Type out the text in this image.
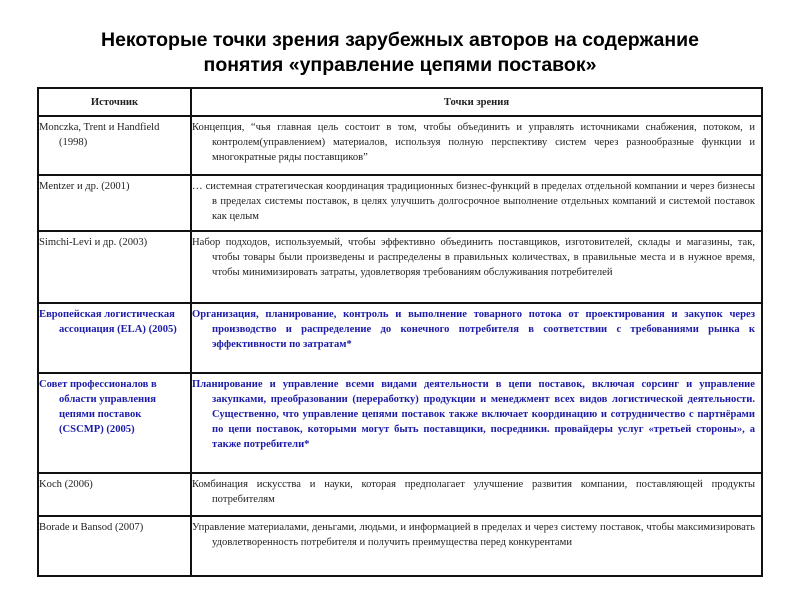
Некоторые точки зрения зарубежных авторов на содержание
понятия «управление цепями поставок»
Источник	Точки зрения
Monczka, Trent и Handfield (1998)	Концепция, “чья главная цель состоит в том, чтобы объединить и управлять источниками снабжения, потоком, и контролем(управлением) материалов, используя полную перспективу систем через разнообразные функции и многократные ряды поставщиков”
Mentzer и др. (2001)	… системная стратегическая координация традиционных бизнес-функций в пределах отдельной компании и через бизнесы в пределах системы поставок, в целях улучшить долгосрочное выполнение отдельных компаний и системой поставок как целым
Simchi-Levi и др. (2003)	Набор подходов, используемый, чтобы эффективно объединить поставщиков, изготовителей, склады и магазины, так, чтобы товары были произведены и распределены в правильных количествах, в правильные места и в нужное время, чтобы минимизировать затраты, удовлетворяя требованиям обслуживания потребителей
Европейская логистическая ассоциация (ELA) (2005)	Организация, планирование, контроль и выполнение товарного потока от проектирования и закупок через производство и распределение до конечного потребителя в соответствии с требованиями рынка к эффективности по затратам*
Совет профессионалов в области управления цепями поставок (CSCMP) (2005)	Планирование и управление всеми видами деятельности в цепи поставок, включая сорсинг и управление закупками, преобразовании (переработку) продукции и менеджмент всех видов логистической деятельности. Существенно, что управление цепями поставок также включает координацию и сотрудничество с партнёрами по цепи поставок, которыми могут быть поставщики, посредники. провайдеры услуг «третьей стороны», а также потребители*
Koch (2006)	Комбинация искусства и науки, которая предполагает улучшение развития компании, поставляющей продукты потребителям
Borade и Bansod (2007)	Управление материалами, деньгами, людьми, и информацией в пределах и через систему поставок, чтобы максимизировать удовлетворенность потребителя и получить преимущества перед конкурентами
